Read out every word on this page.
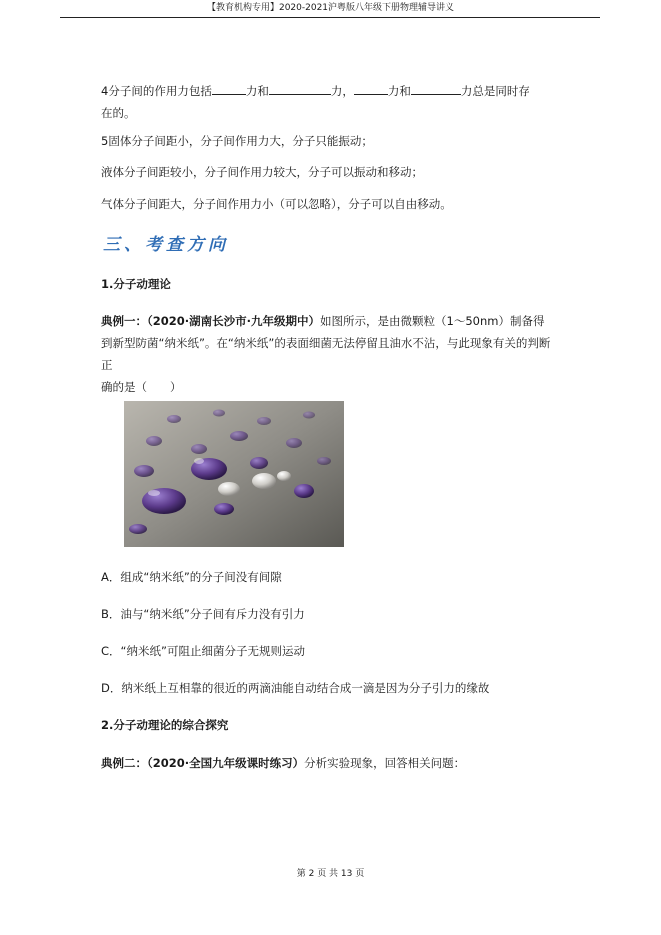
【教育机构专用】2020-2021沪粤版八年级下册物理辅导讲义

4分子间的作用力包括	力和	力，	力和	力总是同时存
在的。

5固体分子间距小，分子间作用力大，分子只能振动；

液体分子间距较小，分子间作用力较大，分子可以振动和移动；

气体分子间距大，分子间作用力小（可以忽略），分子可以自由移动。

三、考查方向

1.分子动理论

典例一：（2020·湖南长沙市·九年级期中）如图所示，是由微颗粒（1～50nm）制备得
到新型防菌“纳米纸”。在“纳米纸”的表面细菌无法停留且油水不沾，与此现象有关的判断正
确的是（　　）

A．组成“纳米纸”的分子间没有间隙

B．油与“纳米纸”分子间有斥力没有引力

C．“纳米纸”可阻止细菌分子无规则运动

D．纳米纸上互相靠的很近的两滴油能自动结合成一滴是因为分子引力的缘故

2.分子动理论的综合探究

典例二：（2020·全国九年级课时练习）分析实验现象，回答相关问题：

第 2 页 共 13 页
